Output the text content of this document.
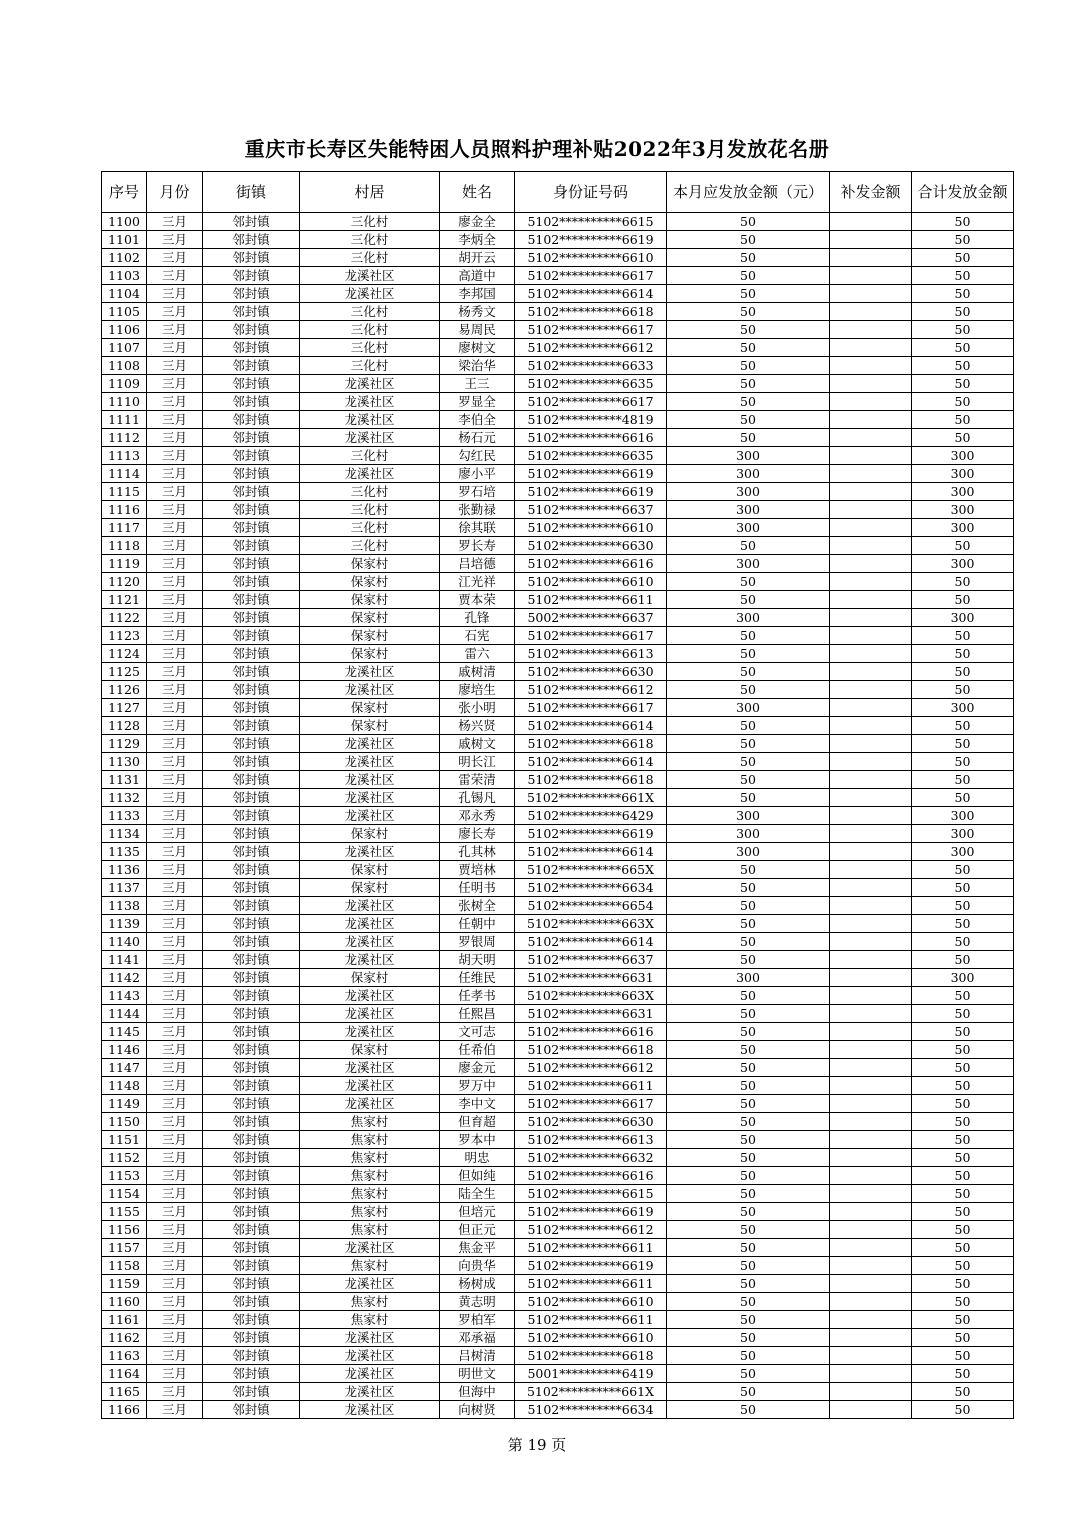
重庆市长寿区失能特困人员照料护理补贴2022年3月发放花名册
序号	月份	街镇	村居	姓名	身份证号码	本月应发放金额（元）	补发金额	合计发放金额
1100	三月	邻封镇	三化村	廖金全	5102**********6615	50		50
1101	三月	邻封镇	三化村	李炳全	5102**********6619	50		50
1102	三月	邻封镇	三化村	胡开云	5102**********6610	50		50
1103	三月	邻封镇	龙溪社区	高道中	5102**********6617	50		50
1104	三月	邻封镇	龙溪社区	李邦国	5102**********6614	50		50
1105	三月	邻封镇	三化村	杨秀文	5102**********6618	50		50
1106	三月	邻封镇	三化村	易周民	5102**********6617	50		50
1107	三月	邻封镇	三化村	廖树文	5102**********6612	50		50
1108	三月	邻封镇	三化村	梁治华	5102**********6633	50		50
1109	三月	邻封镇	龙溪社区	王三	5102**********6635	50		50
1110	三月	邻封镇	龙溪社区	罗显全	5102**********6617	50		50
1111	三月	邻封镇	龙溪社区	李伯全	5102**********4819	50		50
1112	三月	邻封镇	龙溪社区	杨石元	5102**********6616	50		50
1113	三月	邻封镇	三化村	勾红民	5102**********6635	300		300
1114	三月	邻封镇	龙溪社区	廖小平	5102**********6619	300		300
1115	三月	邻封镇	三化村	罗石培	5102**********6619	300		300
1116	三月	邻封镇	三化村	张勤禄	5102**********6637	300		300
1117	三月	邻封镇	三化村	徐其联	5102**********6610	300		300
1118	三月	邻封镇	三化村	罗长寿	5102**********6630	50		50
1119	三月	邻封镇	保家村	吕培德	5102**********6616	300		300
1120	三月	邻封镇	保家村	江光祥	5102**********6610	50		50
1121	三月	邻封镇	保家村	贾本荣	5102**********6611	50		50
1122	三月	邻封镇	保家村	孔锋	5002**********6637	300		300
1123	三月	邻封镇	保家村	石宪	5102**********6617	50		50
1124	三月	邻封镇	保家村	雷六	5102**********6613	50		50
1125	三月	邻封镇	龙溪社区	戚树清	5102**********6630	50		50
1126	三月	邻封镇	龙溪社区	廖培生	5102**********6612	50		50
1127	三月	邻封镇	保家村	张小明	5102**********6617	300		300
1128	三月	邻封镇	保家村	杨兴贤	5102**********6614	50		50
1129	三月	邻封镇	龙溪社区	戚树文	5102**********6618	50		50
1130	三月	邻封镇	龙溪社区	明长江	5102**********6614	50		50
1131	三月	邻封镇	龙溪社区	雷荣清	5102**********6618	50		50
1132	三月	邻封镇	龙溪社区	孔锡凡	5102**********661X	50		50
1133	三月	邻封镇	龙溪社区	邓永秀	5102**********6429	300		300
1134	三月	邻封镇	保家村	廖长寿	5102**********6619	300		300
1135	三月	邻封镇	龙溪社区	孔其林	5102**********6614	300		300
1136	三月	邻封镇	保家村	贾培林	5102**********665X	50		50
1137	三月	邻封镇	保家村	任明书	5102**********6634	50		50
1138	三月	邻封镇	龙溪社区	张树全	5102**********6654	50		50
1139	三月	邻封镇	龙溪社区	任朝中	5102**********663X	50		50
1140	三月	邻封镇	龙溪社区	罗银周	5102**********6614	50		50
1141	三月	邻封镇	龙溪社区	胡天明	5102**********6637	50		50
1142	三月	邻封镇	保家村	任维民	5102**********6631	300		300
1143	三月	邻封镇	龙溪社区	任孝书	5102**********663X	50		50
1144	三月	邻封镇	龙溪社区	任熙昌	5102**********6631	50		50
1145	三月	邻封镇	龙溪社区	文可志	5102**********6616	50		50
1146	三月	邻封镇	保家村	任希伯	5102**********6618	50		50
1147	三月	邻封镇	龙溪社区	廖金元	5102**********6612	50		50
1148	三月	邻封镇	龙溪社区	罗万中	5102**********6611	50		50
1149	三月	邻封镇	龙溪社区	李中文	5102**********6617	50		50
1150	三月	邻封镇	焦家村	但育超	5102**********6630	50		50
1151	三月	邻封镇	焦家村	罗本中	5102**********6613	50		50
1152	三月	邻封镇	焦家村	明忠	5102**********6632	50		50
1153	三月	邻封镇	焦家村	但如纯	5102**********6616	50		50
1154	三月	邻封镇	焦家村	陆全生	5102**********6615	50		50
1155	三月	邻封镇	焦家村	但培元	5102**********6619	50		50
1156	三月	邻封镇	焦家村	但正元	5102**********6612	50		50
1157	三月	邻封镇	龙溪社区	焦金平	5102**********6611	50		50
1158	三月	邻封镇	焦家村	向贵华	5102**********6619	50		50
1159	三月	邻封镇	龙溪社区	杨树成	5102**********6611	50		50
1160	三月	邻封镇	焦家村	黄志明	5102**********6610	50		50
1161	三月	邻封镇	焦家村	罗柏军	5102**********6611	50		50
1162	三月	邻封镇	龙溪社区	邓承福	5102**********6610	50		50
1163	三月	邻封镇	龙溪社区	吕树清	5102**********6618	50		50
1164	三月	邻封镇	龙溪社区	明世文	5001**********6419	50		50
1165	三月	邻封镇	龙溪社区	但海中	5102**********661X	50		50
1166	三月	邻封镇	龙溪社区	向树贤	5102**********6634	50		50
第 19 页
